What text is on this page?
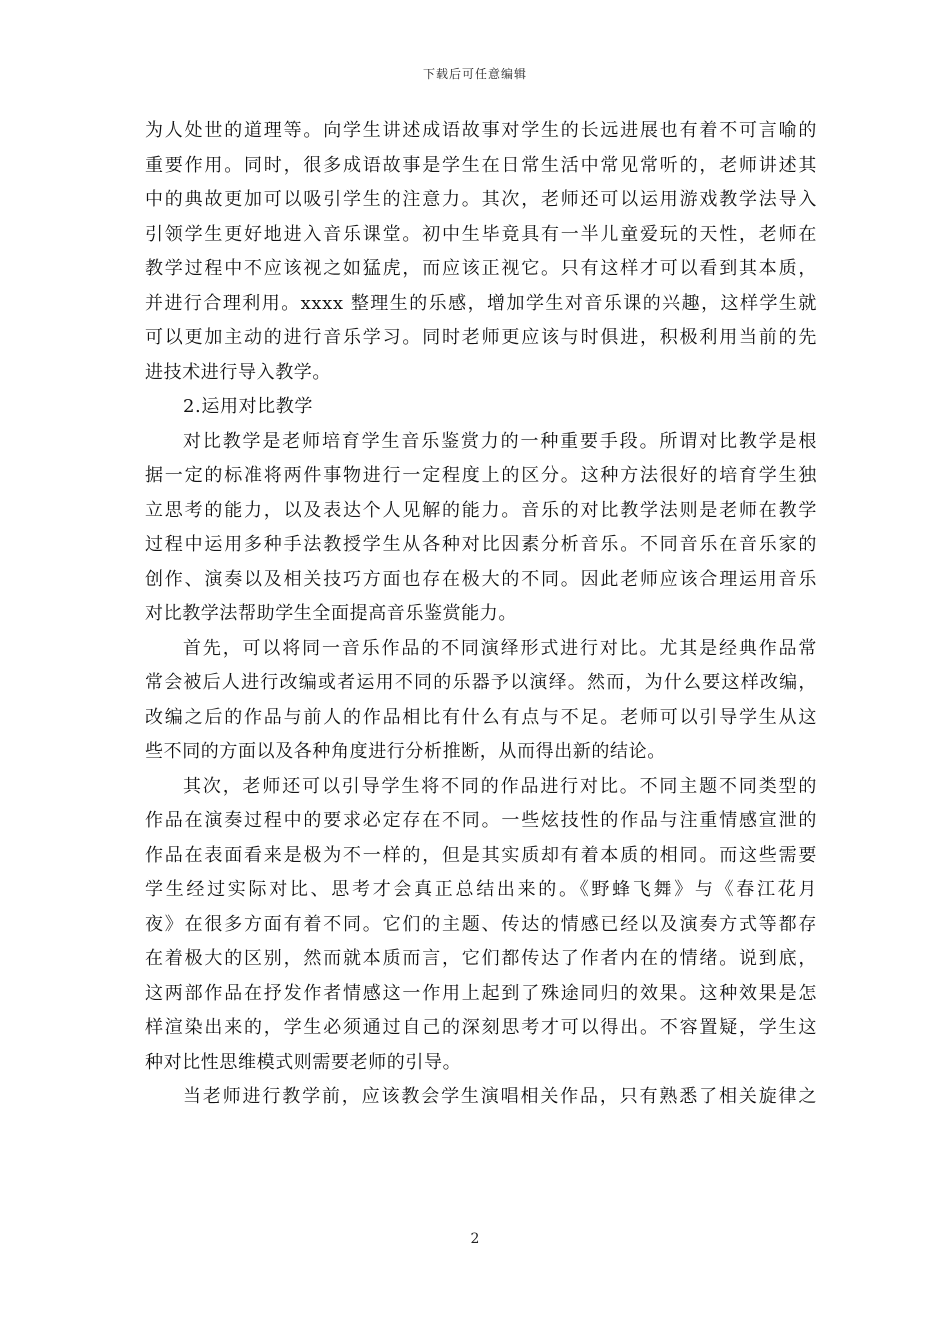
下载后可任意编辑
为人处世的道理等。向学生讲述成语故事对学生的长远进展也有着不可言喻的
重要作用。同时，很多成语故事是学生在日常生活中常见常听的，老师讲述其
中的典故更加可以吸引学生的注意力。其次，老师还可以运用游戏教学法导入
引领学生更好地进入音乐课堂。初中生毕竟具有一半儿童爱玩的天性，老师在
教学过程中不应该视之如猛虎，而应该正视它。只有这样才可以看到其本质，
并进行合理利用。xxxx 整理生的乐感，增加学生对音乐课的兴趣，这样学生就
可以更加主动的进行音乐学习。同时老师更应该与时俱进，积极利用当前的先
进技术进行导入教学。
2.运用对比教学
对比教学是老师培育学生音乐鉴赏力的一种重要手段。所谓对比教学是根
据一定的标准将两件事物进行一定程度上的区分。这种方法很好的培育学生独
立思考的能力，以及表达个人见解的能力。音乐的对比教学法则是老师在教学
过程中运用多种手法教授学生从各种对比因素分析音乐。不同音乐在音乐家的
创作、演奏以及相关技巧方面也存在极大的不同。因此老师应该合理运用音乐
对比教学法帮助学生全面提高音乐鉴赏能力。
首先，可以将同一音乐作品的不同演绎形式进行对比。尤其是经典作品常
常会被后人进行改编或者运用不同的乐器予以演绎。然而，为什么要这样改编，
改编之后的作品与前人的作品相比有什么有点与不足。老师可以引导学生从这
些不同的方面以及各种角度进行分析推断，从而得出新的结论。
其次，老师还可以引导学生将不同的作品进行对比。不同主题不同类型的
作品在演奏过程中的要求必定存在不同。一些炫技性的作品与注重情感宣泄的
作品在表面看来是极为不一样的，但是其实质却有着本质的相同。而这些需要
学生经过实际对比、思考才会真正总结出来的。《野蜂飞舞》与《春江花月
夜》在很多方面有着不同。它们的主题、传达的情感已经以及演奏方式等都存
在着极大的区别，然而就本质而言，它们都传达了作者内在的情绪。说到底，
这两部作品在抒发作者情感这一作用上起到了殊途同归的效果。这种效果是怎
样渲染出来的，学生必须通过自己的深刻思考才可以得出。不容置疑，学生这
种对比性思维模式则需要老师的引导。
当老师进行教学前，应该教会学生演唱相关作品，只有熟悉了相关旋律之
2
